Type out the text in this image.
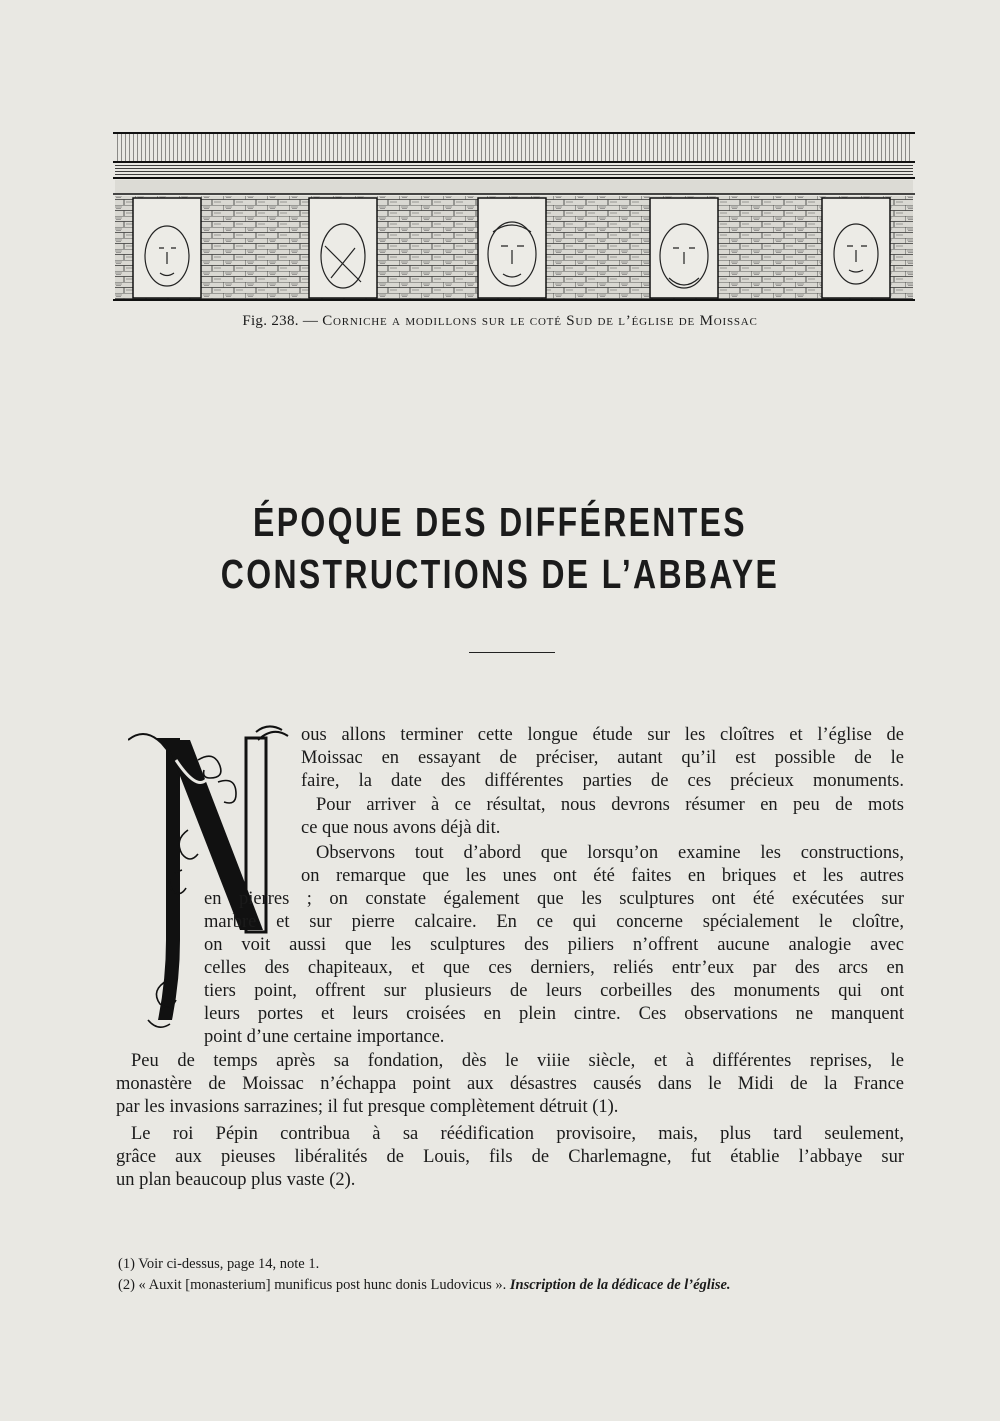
Fig. 238. — Corniche a modillons sur le coté Sud de l’église de Moissac
ÉPOQUE DES DIFFÉRENTES
CONSTRUCTIONS DE L’ABBAYE
N
ous allons terminer cette longue étude sur les cloîtres et l’église de
Moissac en essayant de préciser, autant qu’il est possible de le
faire, la date des différentes parties de ces précieux monuments.
Pour arriver à ce résultat, nous devrons résumer en peu de mots
ce que nous avons déjà dit.
Observons tout d’abord que lorsqu’on examine les constructions,
on remarque que les unes ont été faites en briques et les autres
en pierres ; on constate également que les sculptures ont été exécutées sur
marbre et sur pierre calcaire. En ce qui concerne spécialement le cloître,
on voit aussi que les sculptures des piliers n’offrent aucune analogie avec
celles des chapiteaux, et que ces derniers, reliés entr’eux par des arcs en
tiers point, offrent sur plusieurs de leurs corbeilles des monuments qui ont
leurs portes et leurs croisées en plein cintre. Ces observations ne manquent
point d’une certaine importance.
Peu de temps après sa fondation, dès le viiie siècle, et à différentes reprises, le
monastère de Moissac n’échappa point aux désastres causés dans le Midi de la France
par les invasions sarrazines; il fut presque complètement détruit (1).
Le roi Pépin contribua à sa réédification provisoire, mais, plus tard seulement,
grâce aux pieuses libéralités de Louis, fils de Charlemagne, fut établie l’abbaye sur
un plan beaucoup plus vaste (2).
(1) Voir ci-dessus, page 14, note 1.
(2) « Auxit [monasterium] munificus post hunc donis Ludovicus ». Inscription de la dédicace de l’église.
